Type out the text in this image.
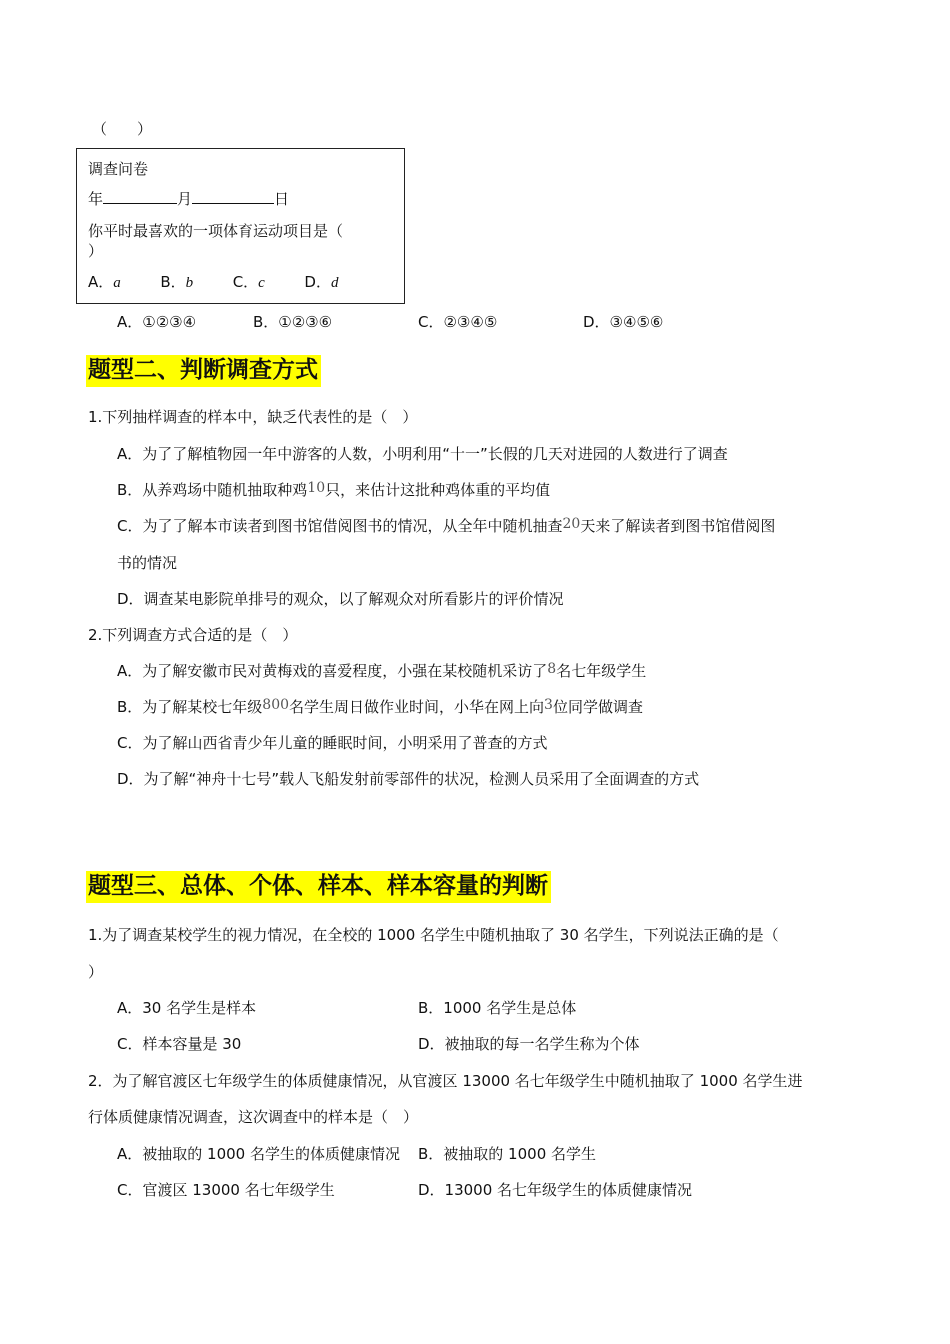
（　　）
调查问卷
年	月	日
你平时最喜欢的一项体育运动项目是（
）
A．a	B．b	C．c	D．d
A．①②③④	B．①②③⑥	C．②③④⑤	D．③④⑤⑥
题型二、判断调查方式
1.下列抽样调查的样本中，缺乏代表性的是（　）
A．为了了解植物园一年中游客的人数，小明利用“十一”长假的几天对进园的人数进行了调查
B．从养鸡场中随机抽取种鸡10只，来估计这批种鸡体重的平均值
C．为了了解本市读者到图书馆借阅图书的情况，从全年中随机抽查20天来了解读者到图书馆借阅图
书的情况
D．调查某电影院单排号的观众，以了解观众对所看影片的评价情况
2.下列调查方式合适的是（　）
A．为了解安徽市民对黄梅戏的喜爱程度，小强在某校随机采访了8名七年级学生
B．为了解某校七年级800名学生周日做作业时间，小华在网上向3位同学做调查
C．为了解山西省青少年儿童的睡眠时间，小明采用了普查的方式
D．为了解“神舟十七号”载人飞船发射前零部件的状况，检测人员采用了全面调查的方式
题型三、总体、个体、样本、样本容量的判断
1.为了调查某校学生的视力情况，在全校的 1000 名学生中随机抽取了 30 名学生，下列说法正确的是（
）
A．30 名学生是样本	B．1000 名学生是总体
C．样本容量是 30	D．被抽取的每一名学生称为个体
2．为了解官渡区七年级学生的体质健康情况，从官渡区 13000 名七年级学生中随机抽取了 1000 名学生进
行体质健康情况调查，这次调查中的样本是（　）
A．被抽取的 1000 名学生的体质健康情况 B．被抽取的 1000 名学生
C．官渡区 13000 名七年级学生	D．13000 名七年级学生的体质健康情况
